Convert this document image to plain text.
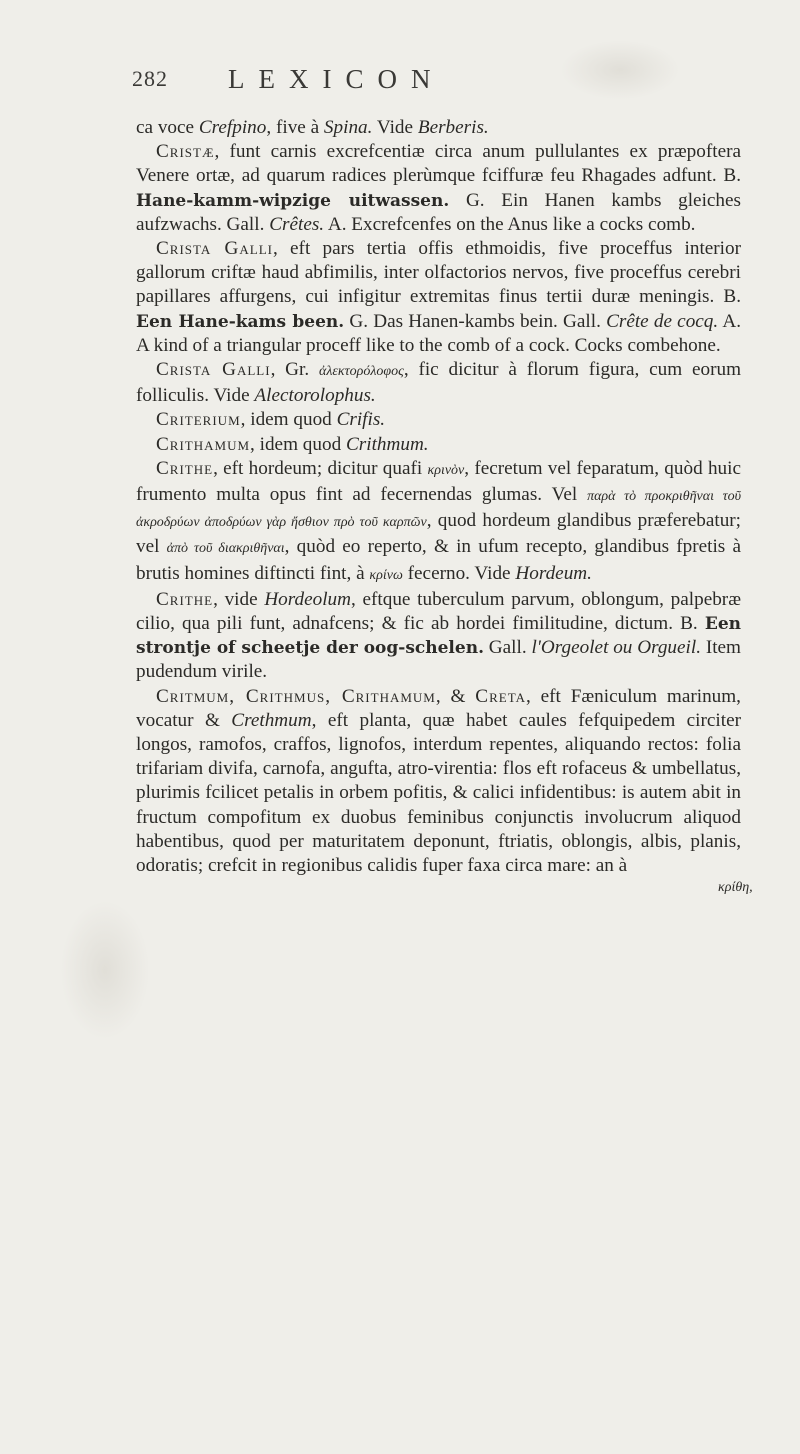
282 LEXICON

ca voce Crefpino, five à Spina. Vide Berberis.

Cristæ, funt carnis excrefcentiæ circa anum pullulantes ex præpoftera Venere ortæ, ad quarum radices plerùmque fciffuræ feu Rhagades adfunt. B. Hane-kamm-wipzige uitwassen. G. Ein Hanen kambs gleiches aufzwachs. Gall. Crêtes. A. Excrefcenfes on the Anus like a cocks comb.

Crista Galli, eft pars tertia offis ethmoidis, five proceffus interior gallorum criftæ haud abfimilis, inter olfactorios nervos, five proceffus cerebri papillares affurgens, cui infigitur extremitas finus tertii duræ meningis. B. Een Hane-kams been. G. Das Hanen-kambs bein. Gall. Crête de cocq. A. A kind of a triangular proceff like to the comb of a cock. Cocks combehone.

Crista Galli, Gr. ἀλεκτορόλοφος, fic dicitur à florum figura, cum eorum folliculis. Vide Alectorolophus.

Criterium, idem quod Crifis.

Crithamum, idem quod Crithmum.

Crithe, eft hordeum; dicitur quafi κρινὸν, fecretum vel feparatum, quòd huic frumento multa opus fint ad fecernendas glumas. Vel παρὰ τὸ προκριθῆναι τοῦ ἀκροδρύων ἀποδρύων γὰρ ἤσθιον πρὸ τοῦ καρπῶν, quod hordeum glandibus præferebatur; vel ἀπὸ τοῦ διακριθῆναι, quòd eo reperto, & in ufum recepto, glandibus fpretis à brutis homines diftincti fint, à κρίνω fecerno. Vide Hordeum.

Crithe, vide Hordeolum, eftque tuberculum parvum, oblongum, palpebræ cilio, qua pili funt, adnafcens; & fic ab hordei fimilitudine, dictum. B. Een strontje of scheetje der oog-schelen. Gall. l'Orgeolet ou Orgueil. Item pudendum virile.

Critmum, Crithmus, Crithamum, & Creta, eft Fæniculum marinum, vocatur & Crethmum, eft planta, quæ habet caules fefquipedem circiter longos, ramofos, craffos, lignofos, interdum repentes, aliquando rectos: folia trifariam divifa, carnofa, angufta, atro-virentia: flos eft rofaceus & umbellatus, plurimis fcilicet petalis in orbem pofitis, & calici infidentibus: is autem abit in fructum compofitum ex duobus feminibus conjunctis involucrum aliquod habentibus, quod per maturitatem deponunt, ftriatis, oblongis, albis, planis, odoratis; crefcit in regionibus calidis fuper faxa circa mare: an à

κρίθη,
